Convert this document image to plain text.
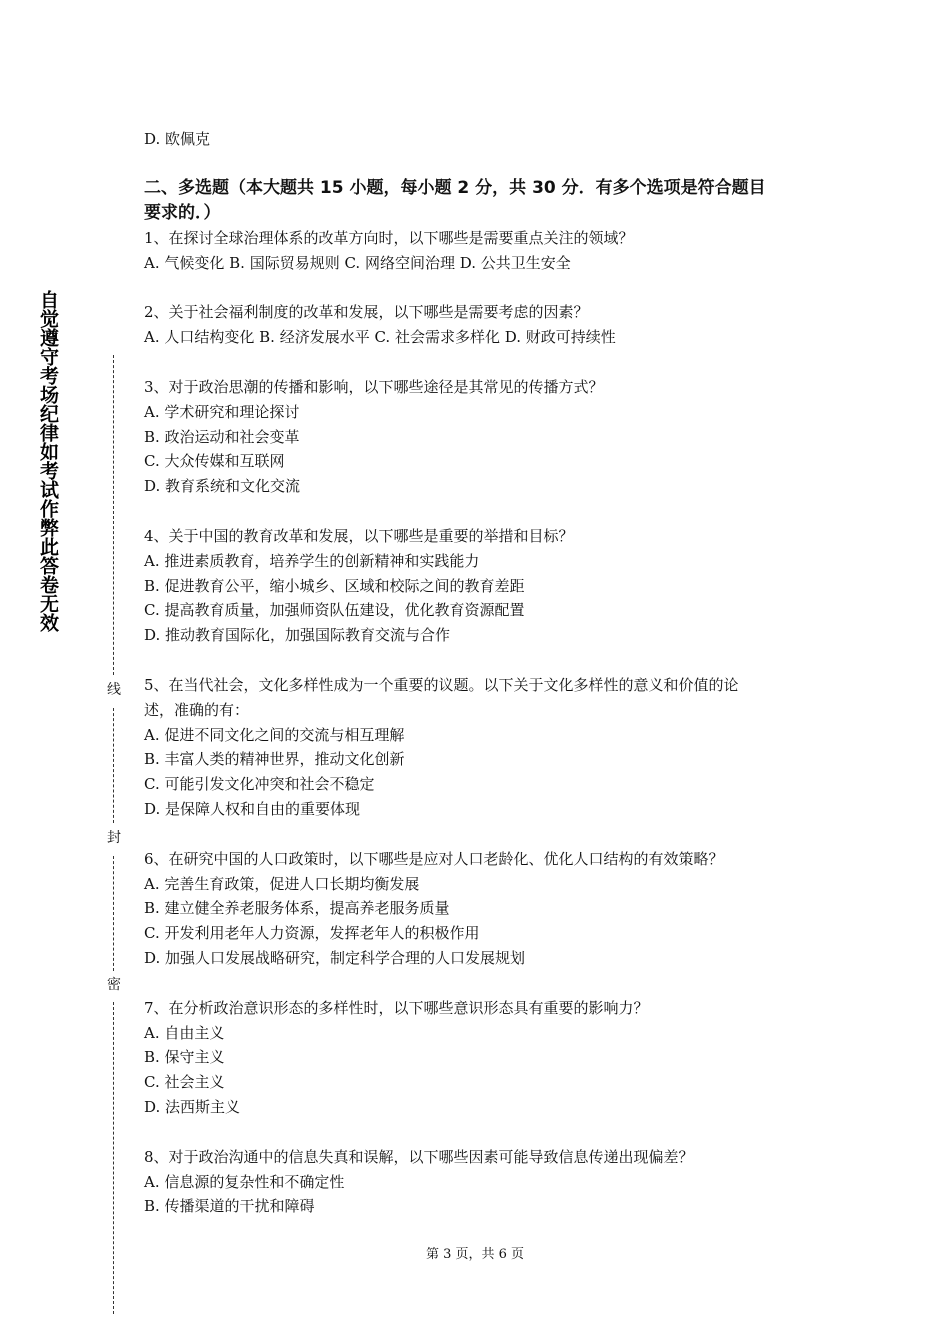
自觉遵守考场纪律如考试作弊此答卷无效
线
封
密
D. 欧佩克
二、多选题（本大题共 15 小题，每小题 2 分，共 30 分．有多个选项是符合题目
要求的．）
1、在探讨全球治理体系的改革方向时，以下哪些是需要重点关注的领域？
A. 气候变化 B. 国际贸易规则 C. 网络空间治理 D. 公共卫生安全
2、关于社会福利制度的改革和发展，以下哪些是需要考虑的因素？
A. 人口结构变化 B. 经济发展水平 C. 社会需求多样化 D. 财政可持续性
3、对于政治思潮的传播和影响，以下哪些途径是其常见的传播方式？
A. 学术研究和理论探讨
B. 政治运动和社会变革
C. 大众传媒和互联网
D. 教育系统和文化交流
4、关于中国的教育改革和发展，以下哪些是重要的举措和目标？
A. 推进素质教育，培养学生的创新精神和实践能力
B. 促进教育公平，缩小城乡、区域和校际之间的教育差距
C. 提高教育质量，加强师资队伍建设，优化教育资源配置
D. 推动教育国际化，加强国际教育交流与合作
5、在当代社会，文化多样性成为一个重要的议题。以下关于文化多样性的意义和价值的论
述，准确的有：
A. 促进不同文化之间的交流与相互理解
B. 丰富人类的精神世界，推动文化创新
C. 可能引发文化冲突和社会不稳定
D. 是保障人权和自由的重要体现
6、在研究中国的人口政策时，以下哪些是应对人口老龄化、优化人口结构的有效策略？
A. 完善生育政策，促进人口长期均衡发展
B. 建立健全养老服务体系，提高养老服务质量
C. 开发利用老年人力资源，发挥老年人的积极作用
D. 加强人口发展战略研究，制定科学合理的人口发展规划
7、在分析政治意识形态的多样性时，以下哪些意识形态具有重要的影响力？
A. 自由主义
B. 保守主义
C. 社会主义
D. 法西斯主义
8、对于政治沟通中的信息失真和误解，以下哪些因素可能导致信息传递出现偏差？
A. 信息源的复杂性和不确定性
B. 传播渠道的干扰和障碍
第 3 页，共 6 页
